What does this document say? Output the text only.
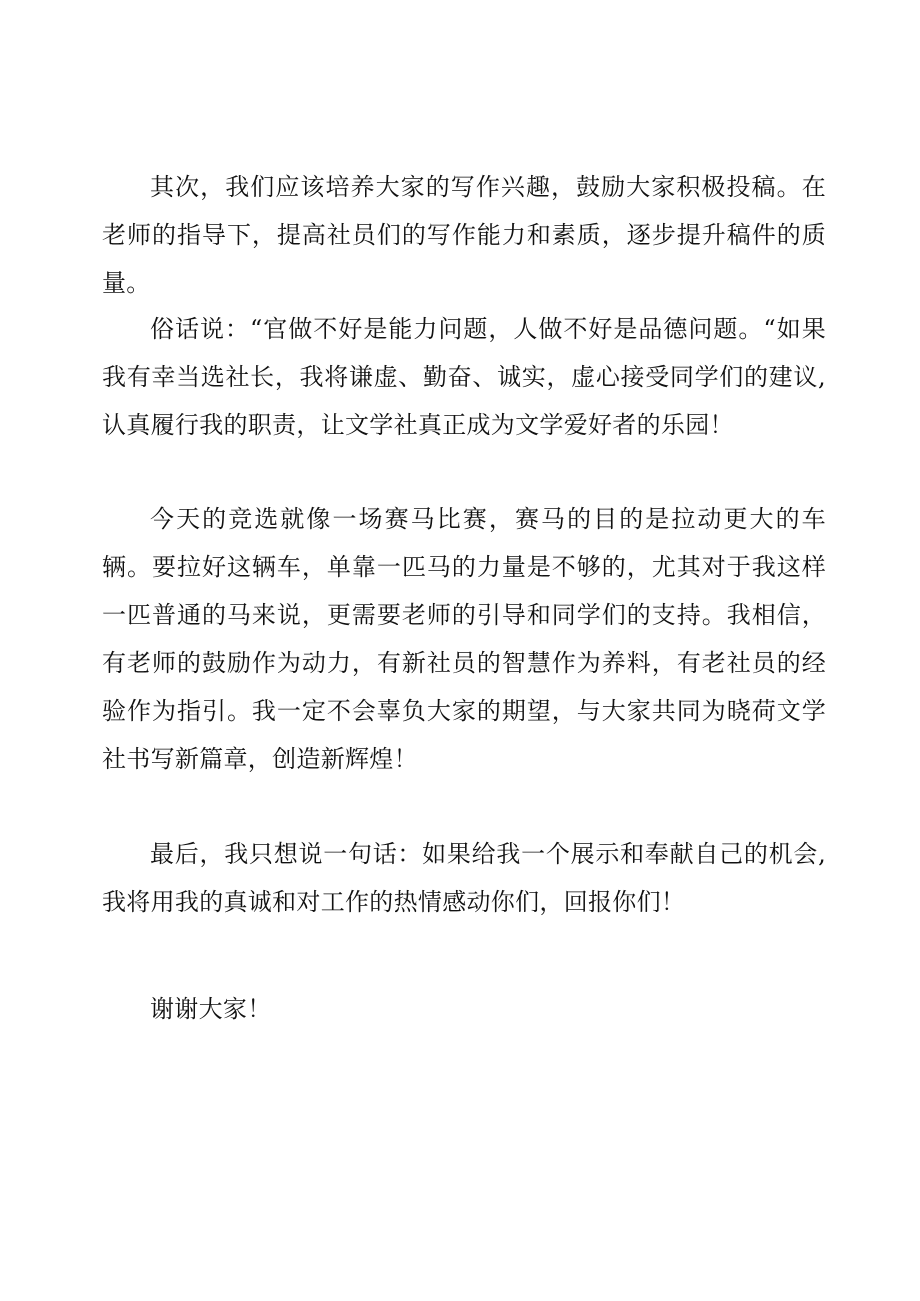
其次，我们应该培养大家的写作兴趣，鼓励大家积极投稿。在老师的指导下，提高社员们的写作能力和素质，逐步提升稿件的质量。

俗话说：“官做不好是能力问题，人做不好是品德问题。“如果我有幸当选社长，我将谦虚、勤奋、诚实，虚心接受同学们的建议,认真履行我的职责，让文学社真正成为文学爱好者的乐园！

今天的竞选就像一场赛马比赛，赛马的目的是拉动更大的车辆。要拉好这辆车，单靠一匹马的力量是不够的，尤其对于我这样一匹普通的马来说，更需要老师的引导和同学们的支持。我相信，有老师的鼓励作为动力，有新社员的智慧作为养料，有老社员的经验作为指引。我一定不会辜负大家的期望，与大家共同为晓荷文学社书写新篇章，创造新辉煌！

最后，我只想说一句话：如果给我一个展示和奉献自己的机会,我将用我的真诚和对工作的热情感动你们，回报你们！

谢谢大家！
